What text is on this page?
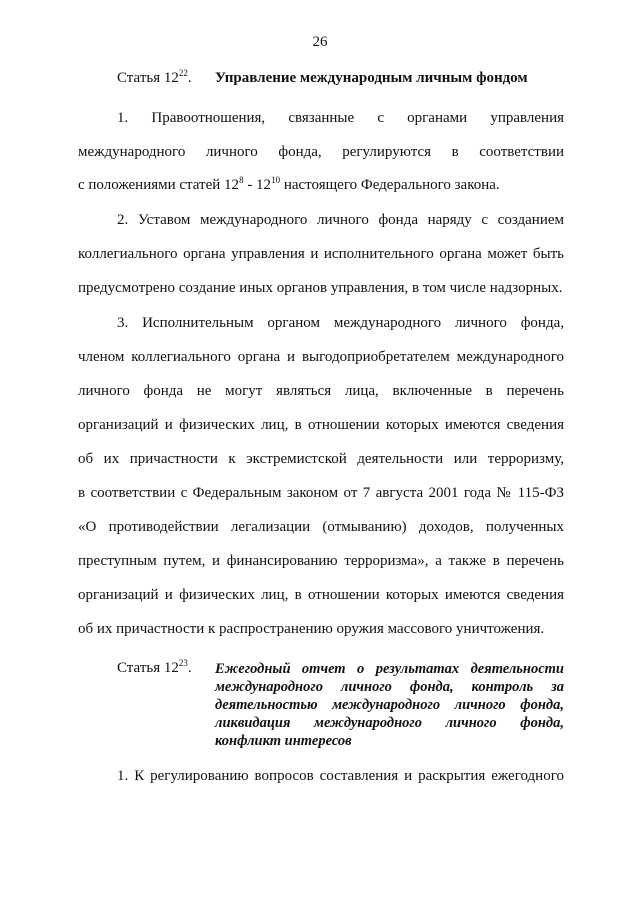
26
Статья $12^{22}$. Управление международным личным фондом
1. Правоотношения, связанные с органами управления
международного личного фонда, регулируются в соответствии
с положениями статей $12^8 - 12^{10}$ настоящего Федерального закона.
2. Уставом международного личного фонда наряду с созданием
коллегиального органа управления и исполнительного органа может быть
предусмотрено создание иных органов управления, в том числе надзорных.
3. Исполнительным органом международного личного фонда,
членом коллегиального органа и выгодоприобретателем международного
личного фонда не могут являться лица, включенные в перечень
организаций и физических лиц, в отношении которых имеются сведения
об их причастности к экстремистской деятельности или терроризму,
в соответствии с Федеральным законом от 7 августа 2001 года № 115-ФЗ
«О противодействии легализации (отмыванию) доходов, полученных
преступным путем, и финансированию терроризма», а также в перечень
организаций и физических лиц, в отношении которых имеются сведения
об их причастности к распространению оружия массового уничтожения.
Статья $12^{23}$. Ежегодный отчет о результатах деятельности
международного личного фонда, контроль за
деятельностью международного личного фонда,
ликвидация международного личного фонда,
конфликт интересов
1. К регулированию вопросов составления и раскрытия ежегодного
